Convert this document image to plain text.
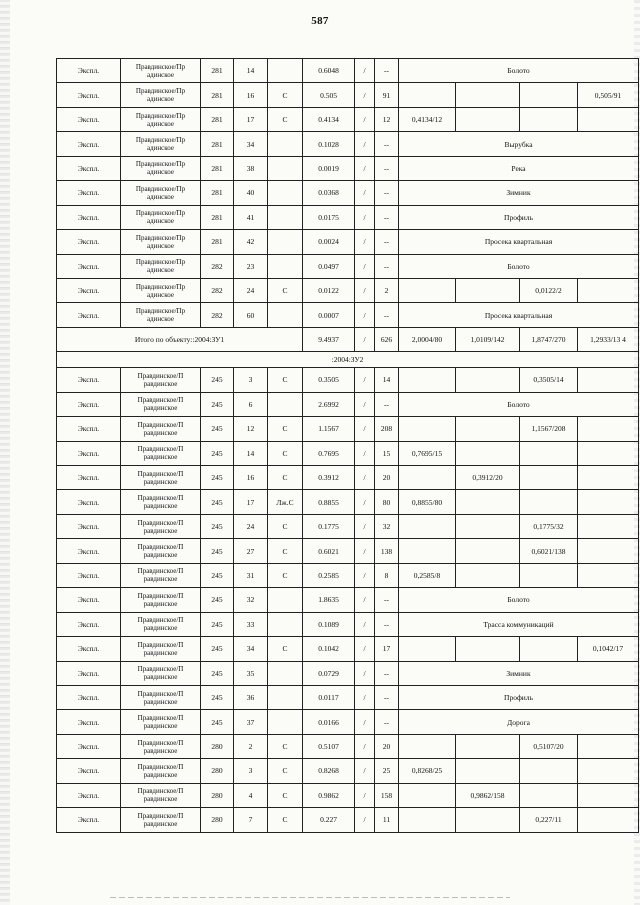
587
Экспл.	Правдинское/Пр адинское	281	14		0.6048	/	--	Болото			
Экспл.	Правдинское/Пр адинское	281	16	С	0.505	/	91				0,505/91
Экспл.	Правдинское/Пр адинское	281	17	С	0.4134	/	12	0,4134/12			
Экспл.	Правдинское/Пр адинское	281	34		0.1028	/	--	Вырубка			
Экспл.	Правдинское/Пр адинское	281	38		0.0019	/	--	Река			
Экспл.	Правдинское/Пр адинское	281	40		0.0368	/	--	Зимник			
Экспл.	Правдинское/Пр адинское	281	41		0.0175	/	--	Профиль			
Экспл.	Правдинское/Пр адинское	281	42		0.0024	/	--	Просека квартальная			
Экспл.	Правдинское/Пр адинское	282	23		0.0497	/	--	Болото			
Экспл.	Правдинское/Пр адинское	282	24	С	0.0122	/	2			0,0122/2	
Экспл.	Правдинское/Пр адинское	282	60		0.0007	/	--	Просека квартальная			
Итого по объекту::2004:ЗУ1					9.4937	/	626	2,0004/80	1,0109/142	1,8747/270	1,2933/13 4
:2004:ЗУ2											
Экспл.	Правдинское/П равдинское	245	3	С	0.3505	/	14			0,3505/14	
Экспл.	Правдинское/П равдинское	245	6		2.6992	/	--	Болото			
Экспл.	Правдинское/П равдинское	245	12	С	1.1567	/	208			1,1567/208	
Экспл.	Правдинское/П равдинское	245	14	С	0.7695	/	15	0,7695/15			
Экспл.	Правдинское/П равдинское	245	16	С	0.3912	/	20		0,3912/20		
Экспл.	Правдинское/П равдинское	245	17	Лж.С	0.8855	/	80	0,8855/80			
Экспл.	Правдинское/П равдинское	245	24	С	0.1775	/	32			0,1775/32	
Экспл.	Правдинское/П равдинское	245	27	С	0.6021	/	138			0,6021/138	
Экспл.	Правдинское/П равдинское	245	31	С	0.2585	/	8	0,2585/8			
Экспл.	Правдинское/П равдинское	245	32		1.8635	/	--	Болото			
Экспл.	Правдинское/П равдинское	245	33		0.1089	/	--	Трасса коммуникаций			
Экспл.	Правдинское/П равдинское	245	34	С	0.1042	/	17				0,1042/17
Экспл.	Правдинское/П равдинское	245	35		0.0729	/	--	Зимник			
Экспл.	Правдинское/П равдинское	245	36		0.0117	/	--	Профиль			
Экспл.	Правдинское/П равдинское	245	37		0.0166	/	--	Дорога			
Экспл.	Правдинское/П равдинское	280	2	С	0.5107	/	20			0,5107/20	
Экспл.	Правдинское/П равдинское	280	3	С	0.8268	/	25	0,8268/25			
Экспл.	Правдинское/П равдинское	280	4	С	0.9862	/	158		0,9862/158		
Экспл.	Правдинское/П равдинское	280	7	С	0.227	/	11			0,227/11	
